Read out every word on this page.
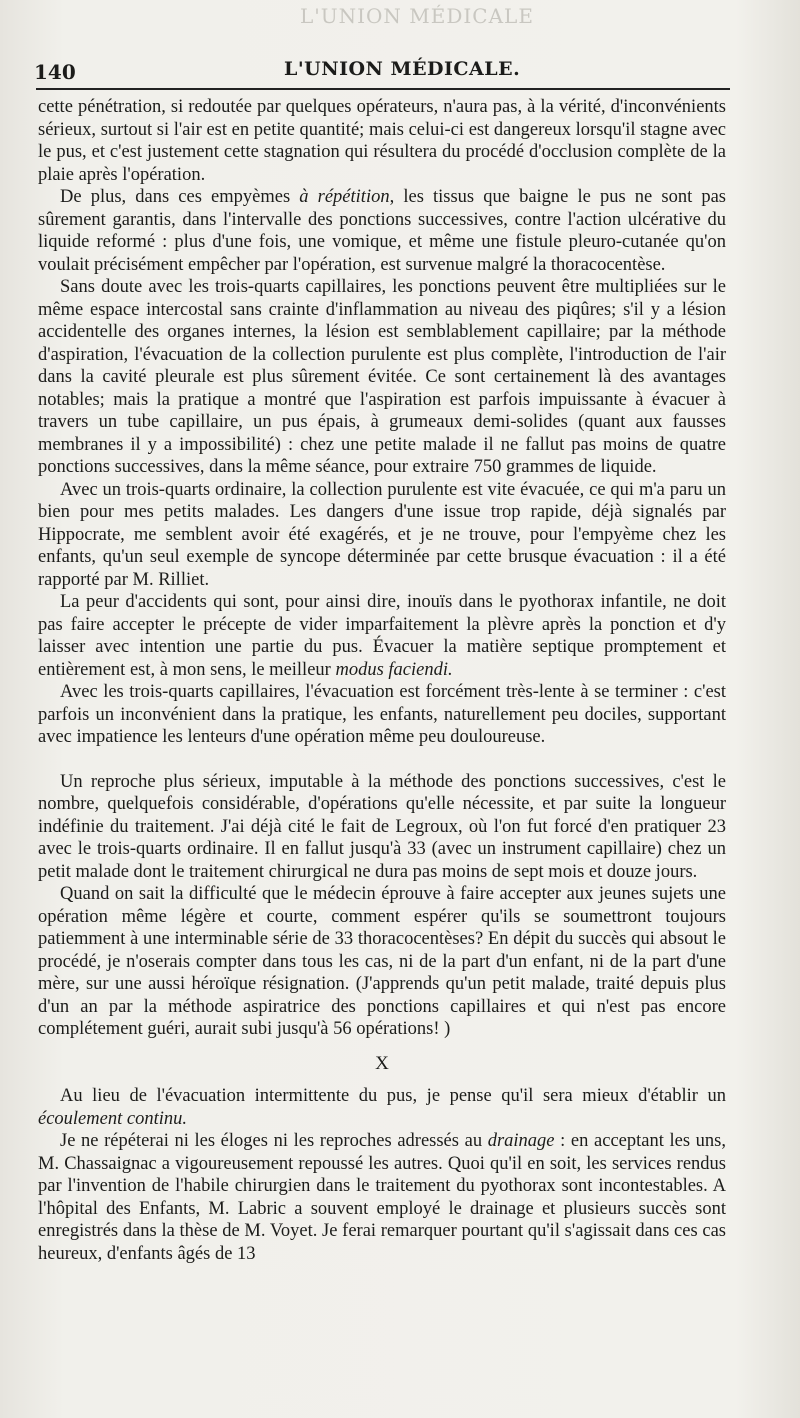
L'UNION MÉDICALE
140	L'UNION MÉDICALE.

cette pénétration, si redoutée par quelques opérateurs, n'aura pas, à la vérité, d'inconvénients sérieux, surtout si l'air est en petite quantité; mais celui-ci est dangereux lorsqu'il stagne avec le pus, et c'est justement cette stagnation qui résultera du procédé d'occlusion complète de la plaie après l'opération.

De plus, dans ces empyèmes à répétition, les tissus que baigne le pus ne sont pas sûrement garantis, dans l'intervalle des ponctions successives, contre l'action ulcérative du liquide reformé : plus d'une fois, une vomique, et même une fistule pleuro-cutanée qu'on voulait précisément empêcher par l'opération, est survenue malgré la thoracocentèse.

Sans doute avec les trois-quarts capillaires, les ponctions peuvent être multipliées sur le même espace intercostal sans crainte d'inflammation au niveau des piqûres; s'il y a lésion accidentelle des organes internes, la lésion est semblablement capillaire; par la méthode d'aspiration, l'évacuation de la collection purulente est plus complète, l'introduction de l'air dans la cavité pleurale est plus sûrement évitée. Ce sont certainement là des avantages notables; mais la pratique a montré que l'aspiration est parfois impuissante à évacuer à travers un tube capillaire, un pus épais, à grumeaux demi-solides (quant aux fausses membranes il y a impossibilité) : chez une petite malade il ne fallut pas moins de quatre ponctions successives, dans la même séance, pour extraire 750 grammes de liquide.

Avec un trois-quarts ordinaire, la collection purulente est vite évacuée, ce qui m'a paru un bien pour mes petits malades. Les dangers d'une issue trop rapide, déjà signalés par Hippocrate, me semblent avoir été exagérés, et je ne trouve, pour l'empyème chez les enfants, qu'un seul exemple de syncope déterminée par cette brusque évacuation : il a été rapporté par M. Rilliet.

La peur d'accidents qui sont, pour ainsi dire, inouïs dans le pyothorax infantile, ne doit pas faire accepter le précepte de vider imparfaitement la plèvre après la ponction et d'y laisser avec intention une partie du pus. Évacuer la matière septique promptement et entièrement est, à mon sens, le meilleur modus faciendi.

Avec les trois-quarts capillaires, l'évacuation est forcément très-lente à se terminer : c'est parfois un inconvénient dans la pratique, les enfants, naturellement peu dociles, supportant avec impatience les lenteurs d'une opération même peu douloureuse.

Un reproche plus sérieux, imputable à la méthode des ponctions successives, c'est le nombre, quelquefois considérable, d'opérations qu'elle nécessite, et par suite la longueur indéfinie du traitement. J'ai déjà cité le fait de Legroux, où l'on fut forcé d'en pratiquer 23 avec le trois-quarts ordinaire. Il en fallut jusqu'à 33 (avec un instrument capillaire) chez un petit malade dont le traitement chirurgical ne dura pas moins de sept mois et douze jours.

Quand on sait la difficulté que le médecin éprouve à faire accepter aux jeunes sujets une opération même légère et courte, comment espérer qu'ils se soumettront toujours patiemment à une interminable série de 33 thoracocentèses? En dépit du succès qui absout le procédé, je n'oserais compter dans tous les cas, ni de la part d'un enfant, ni de la part d'une mère, sur une aussi héroïque résignation. (J'apprends qu'un petit malade, traité depuis plus d'un an par la méthode aspiratrice des ponctions capillaires et qui n'est pas encore complétement guéri, aurait subi jusqu'à 56 opérations! )

X

Au lieu de l'évacuation intermittente du pus, je pense qu'il sera mieux d'établir un écoulement continu.

Je ne répéterai ni les éloges ni les reproches adressés au drainage : en acceptant les uns, M. Chassaignac a vigoureusement repoussé les autres. Quoi qu'il en soit, les services rendus par l'invention de l'habile chirurgien dans le traitement du pyothorax sont incontestables. A l'hôpital des Enfants, M. Labric a souvent employé le drainage et plusieurs succès sont enregistrés dans la thèse de M. Voyet. Je ferai remarquer pourtant qu'il s'agissait dans ces cas heureux, d'enfants âgés de 13
